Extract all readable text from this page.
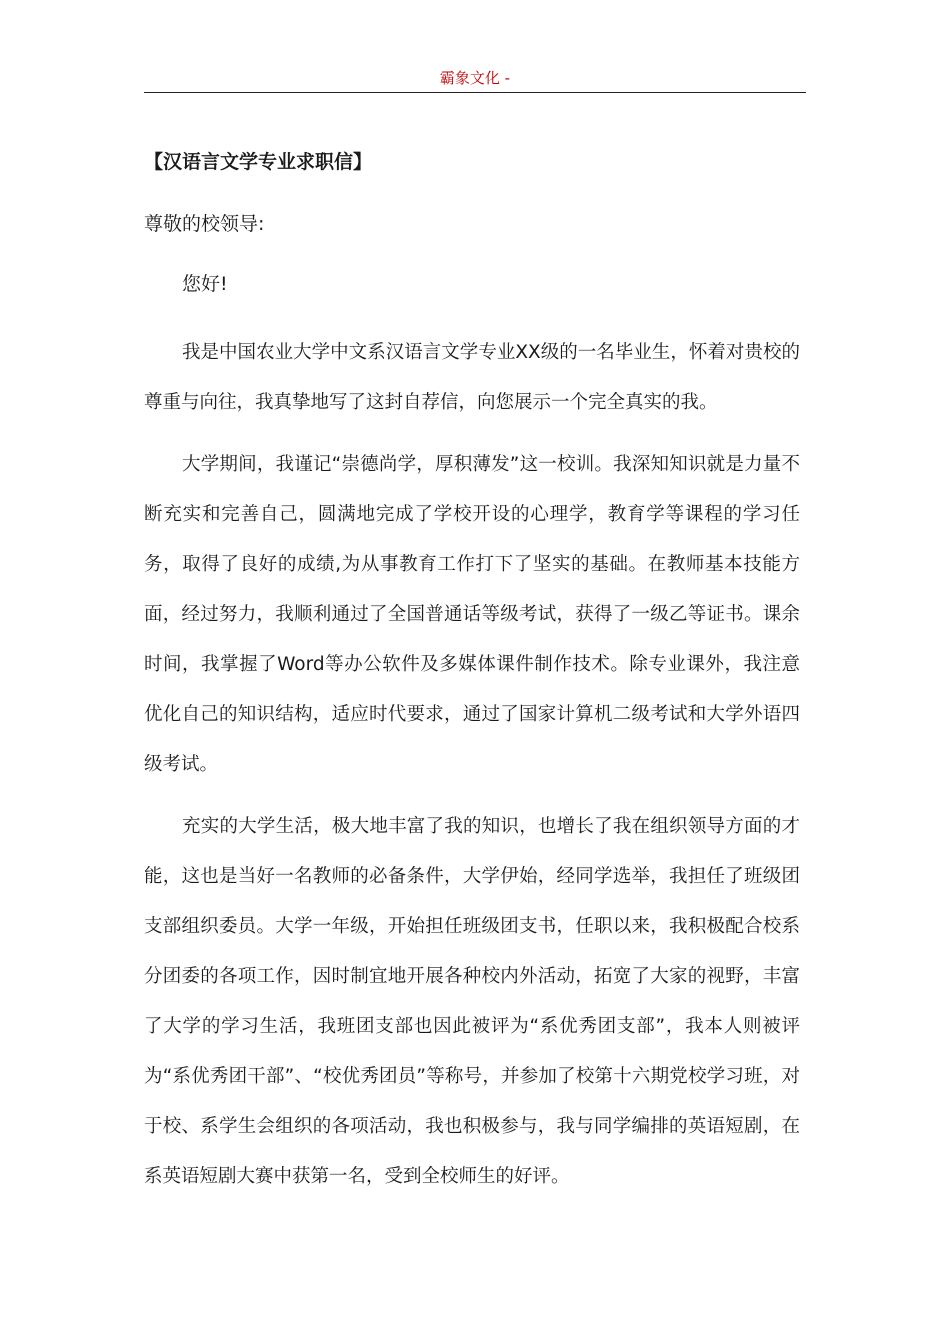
霸象文化 -
【汉语言文学专业求职信】
尊敬的校领导:
您好!

我是中国农业大学中文系汉语言文学专业XX级的一名毕业生，怀着对贵校的尊重与向往，我真挚地写了这封自荐信，向您展示一个完全真实的我。

大学期间，我谨记“崇德尚学，厚积薄发”这一校训。我深知知识就是力量不断充实和完善自己，圆满地完成了学校开设的心理学，教育学等课程的学习任务，取得了良好的成绩,为从事教育工作打下了坚实的基础。在教师基本技能方面，经过努力，我顺利通过了全国普通话等级考试，获得了一级乙等证书。课余时间，我掌握了Word等办公软件及多媒体课件制作技术。除专业课外，我注意优化自己的知识结构，适应时代要求，通过了国家计算机二级考试和大学外语四级考试。

充实的大学生活，极大地丰富了我的知识，也增长了我在组织领导方面的才能，这也是当好一名教师的必备条件，大学伊始，经同学选举，我担任了班级团支部组织委员。大学一年级，开始担任班级团支书，任职以来，我积极配合校系分团委的各项工作，因时制宜地开展各种校内外活动，拓宽了大家的视野，丰富了大学的学习生活，我班团支部也因此被评为“系优秀团支部”，我本人则被评为“系优秀团干部”、“校优秀团员”等称号，并参加了校第十六期党校学习班，对于校、系学生会组织的各项活动，我也积极参与，我与同学编排的英语短剧，在系英语短剧大赛中获第一名，受到全校师生的好评。
